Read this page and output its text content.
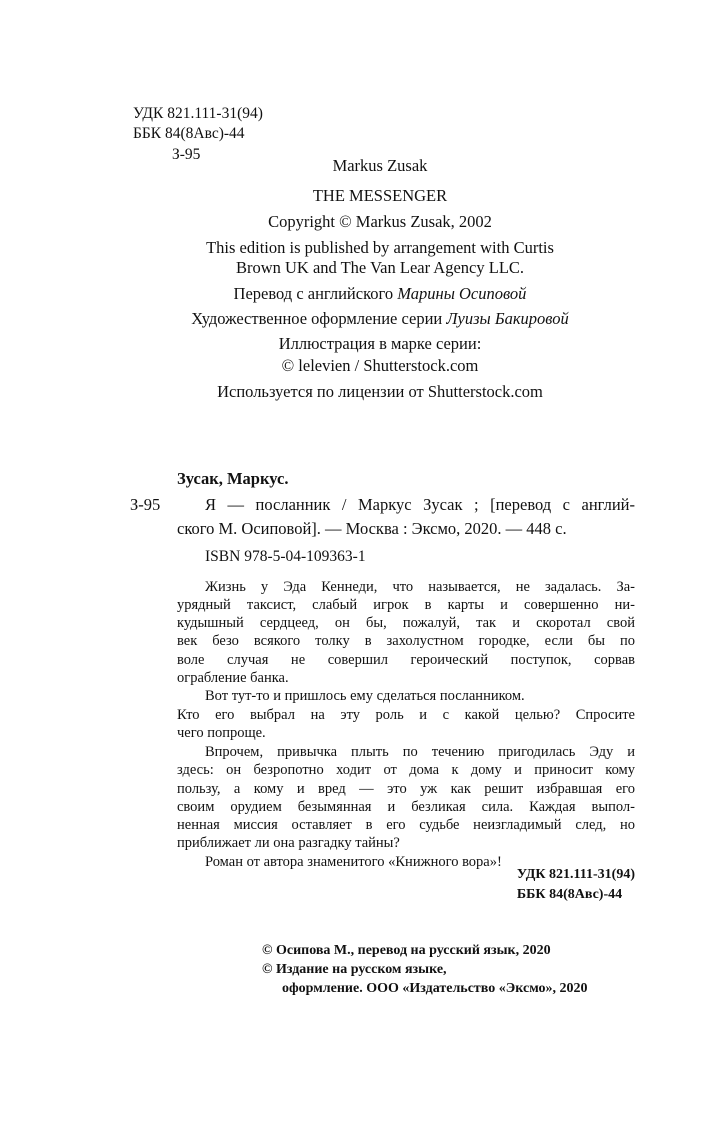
УДК 821.111-31(94)
ББК 84(8Авс)-44
З-95
Markus Zusak
THE MESSENGER
Copyright © Markus Zusak, 2002
This edition is published by arrangement with Curtis
Brown UK and The Van Lear Agency LLC.
Перевод с английского Марины Осиповой
Художественное оформление серии Луизы Бакировой
Иллюстрация в марке серии:
© lelevien / Shutterstock.com
Используется по лицензии от Shutterstock.com
Зусак, Маркус.
З-95	Я — посланник / Маркус Зусак ; [перевод с англий-
ского М. Осиповой]. — Москва : Эксмо, 2020. — 448 с.
ISBN 978-5-04-109363-1
Жизнь у Эда Кеннеди, что называется, не задалась. За-
урядный таксист, слабый игрок в карты и совершенно ни-
кудышный сердцеед, он бы, пожалуй, так и скоротал свой
век безо всякого толку в захолустном городке, если бы по
воле случая не совершил героический поступок, сорвав
ограбление банка.
Вот тут-то и пришлось ему сделаться посланником.
Кто его выбрал на эту роль и с какой целью? Спросите
чего попроще.
Впрочем, привычка плыть по течению пригодилась Эду и
здесь: он безропотно ходит от дома к дому и приносит кому
пользу, а кому и вред — это уж как решит избравшая его
своим орудием безымянная и безликая сила. Каждая выпол-
ненная миссия оставляет в его судьбе неизгладимый след, но
приближает ли она разгадку тайны?
Роман от автора знаменитого «Книжного вора»!
УДК 821.111-31(94)
ББК 84(8Авс)-44
© Осипова М., перевод на русский язык, 2020
© Издание на русском языке,
оформление. ООО «Издательство «Эксмо», 2020
